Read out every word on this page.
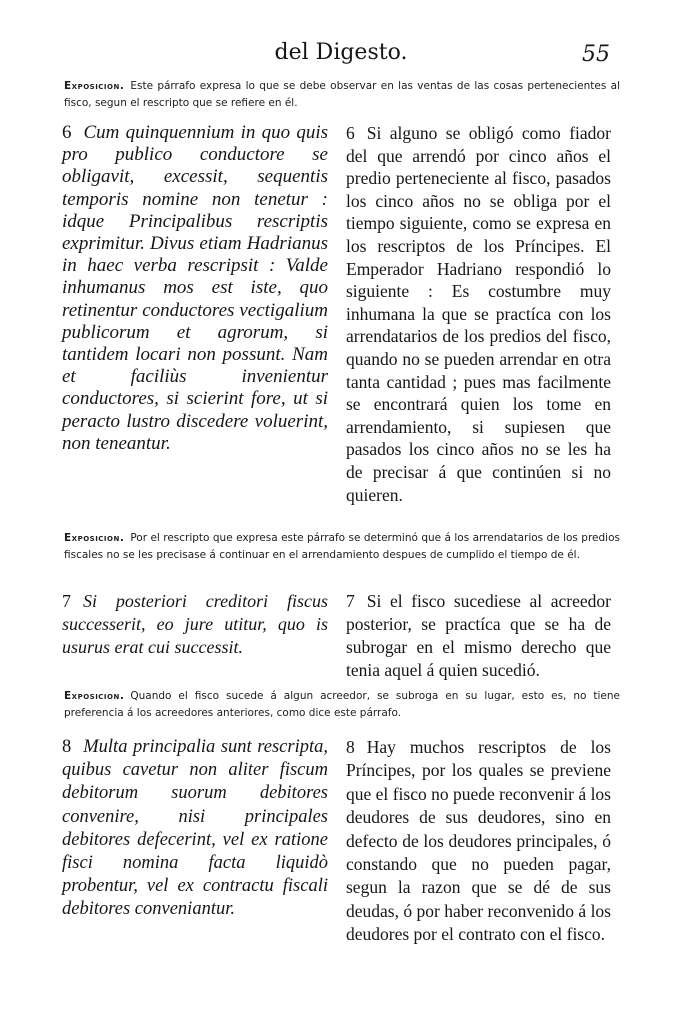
del Digesto.	55
Exposicion. Este párrafo expresa lo que se debe observar en las ventas de las cosas pertenecientes al fisco, segun el rescripto que se refiere en él.
6 Cum quinquennium in quo quis pro publico conductore se obligavit, excessit, sequentis temporis nomine non tenetur : idque Principalibus rescriptis exprimitur. Divus etiam Hadrianus in haec verba rescripsit : Valde inhumanus mos est iste, quo retinentur conductores vectigalium publicorum et agrorum, si tantidem locari non possunt. Nam et faciliùs invenientur conductores, si scierint fore, ut si peracto lustro discedere voluerint, non teneantur.
6 Si alguno se obligó como fiador del que arrendó por cinco años el predio perteneciente al fisco, pasados los cinco años no se obliga por el tiempo siguiente, como se expresa en los rescriptos de los Príncipes. El Emperador Hadriano respondió lo siguiente : Es costumbre muy inhumana la que se practíca con los arrendatarios de los predios del fisco, quando no se pueden arrendar en otra tanta cantidad ; pues mas facilmente se encontrará quien los tome en arrendamiento, si supiesen que pasados los cinco años no se les ha de precisar á que continúen si no quieren.
Exposicion. Por el rescripto que expresa este párrafo se determinó que á los arrendatarios de los predios fiscales no se les precisase á continuar en el arrendamiento despues de cumplido el tiempo de él.
7 Si posteriori creditori fiscus successerit, eo jure utitur, quo is usurus erat cui successit.
7 Si el fisco sucediese al acreedor posterior, se practíca que se ha de subrogar en el mismo derecho que tenia aquel á quien sucedió.
Exposicion. Quando el fisco sucede á algun acreedor, se subroga en su lugar, esto es, no tiene preferencia á los acreedores anteriores, como dice este párrafo.
8 Multa principalia sunt rescripta, quibus cavetur non aliter fiscum debitorum suorum debitores convenire, nisi principales debitores defecerint, vel ex ratione fisci nomina facta liquidò probentur, vel ex contractu fiscali debitores conveniantur.
8 Hay muchos rescriptos de los Príncipes, por los quales se previene que el fisco no puede reconvenir á los deudores de sus deudores, sino en defecto de los deudores principales, ó constando que no pueden pagar, segun la razon que se dé de sus deudas, ó por haber reconvenido á los deudores por el contrato con el fisco.
